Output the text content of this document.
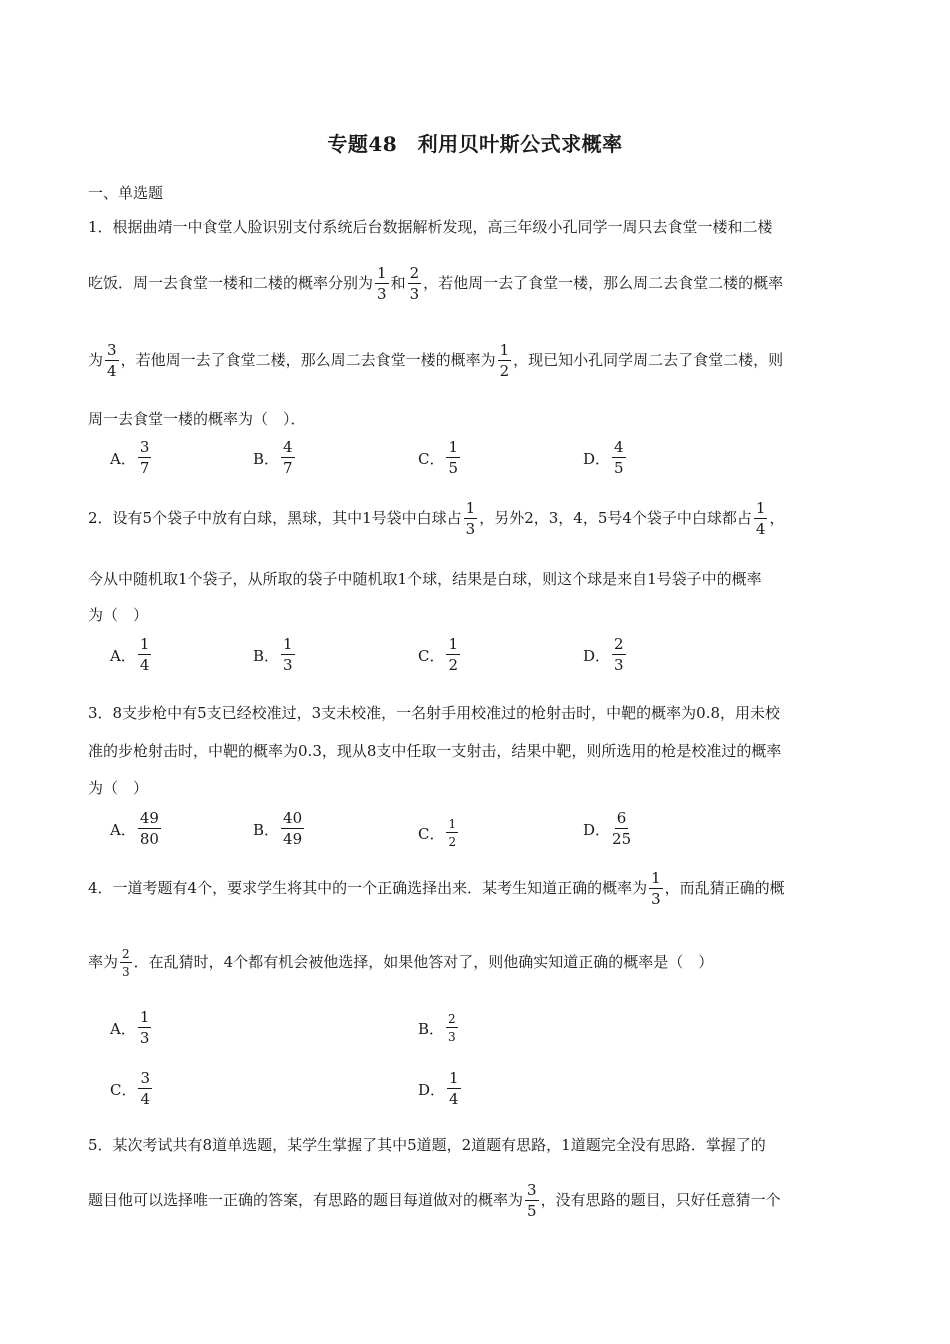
专题48　利用贝叶斯公式求概率
一、单选题
1．根据曲靖一中食堂人脸识别支付系统后台数据解析发现，高三年级小孔同学一周只去食堂一楼和二楼
吃饭．周一去食堂一楼和二楼的概率分别为 $\frac{1}{3}$ 和 $\frac{2}{3}$ ，若他周一去了食堂一楼，那么周二去食堂二楼的概率
为 $\frac{3}{4}$ ，若他周一去了食堂二楼，那么周二去食堂一楼的概率为 $\frac{1}{2}$ ，现已知小孔同学周二去了食堂二楼，则
周一去食堂一楼的概率为（　）．
A． $\frac{3}{7}$	B． $\frac{4}{7}$	C． $\frac{1}{5}$	D． $\frac{4}{5}$
2．设有5个袋子中放有白球，黑球，其中1号袋中白球占 $\frac{1}{3}$ ，另外2，3，4，5号4个袋子中白球都占 $\frac{1}{4}$ ，
今从中随机取1个袋子，从所取的袋子中随机取1个球，结果是白球，则这个球是来自1号袋子中的概率
为（　）
A． $\frac{1}{4}$	B． $\frac{1}{3}$	C． $\frac{1}{2}$	D． $\frac{2}{3}$
3．8支步枪中有5支已经校准过，3支未校准，一名射手用校准过的枪射击时，中靶的概率为0.8，用未校
准的步枪射击时，中靶的概率为0.3，现从8支中任取一支射击，结果中靶，则所选用的枪是校准过的概率
为（　）
A． $\frac{49}{80}$	B． $\frac{40}{49}$	C． $\frac{1}{2}$	D． $\frac{6}{25}$
4．一道考题有4个，要求学生将其中的一个正确选择出来．某考生知道正确的概率为 $\frac{1}{3}$ ，而乱猜正确的概
率为 $\frac{2}{3}$ ．在乱猜时，4个都有机会被他选择，如果他答对了，则他确实知道正确的概率是（　）
A． $\frac{1}{3}$	B． $\frac{2}{3}$
C． $\frac{3}{4}$	D． $\frac{1}{4}$
5．某次考试共有8道单选题，某学生掌握了其中5道题，2道题有思路，1道题完全没有思路．掌握了的
题目他可以选择唯一正确的答案，有思路的题目每道做对的概率为 $\frac{3}{5}$ ，没有思路的题目，只好任意猜一个
